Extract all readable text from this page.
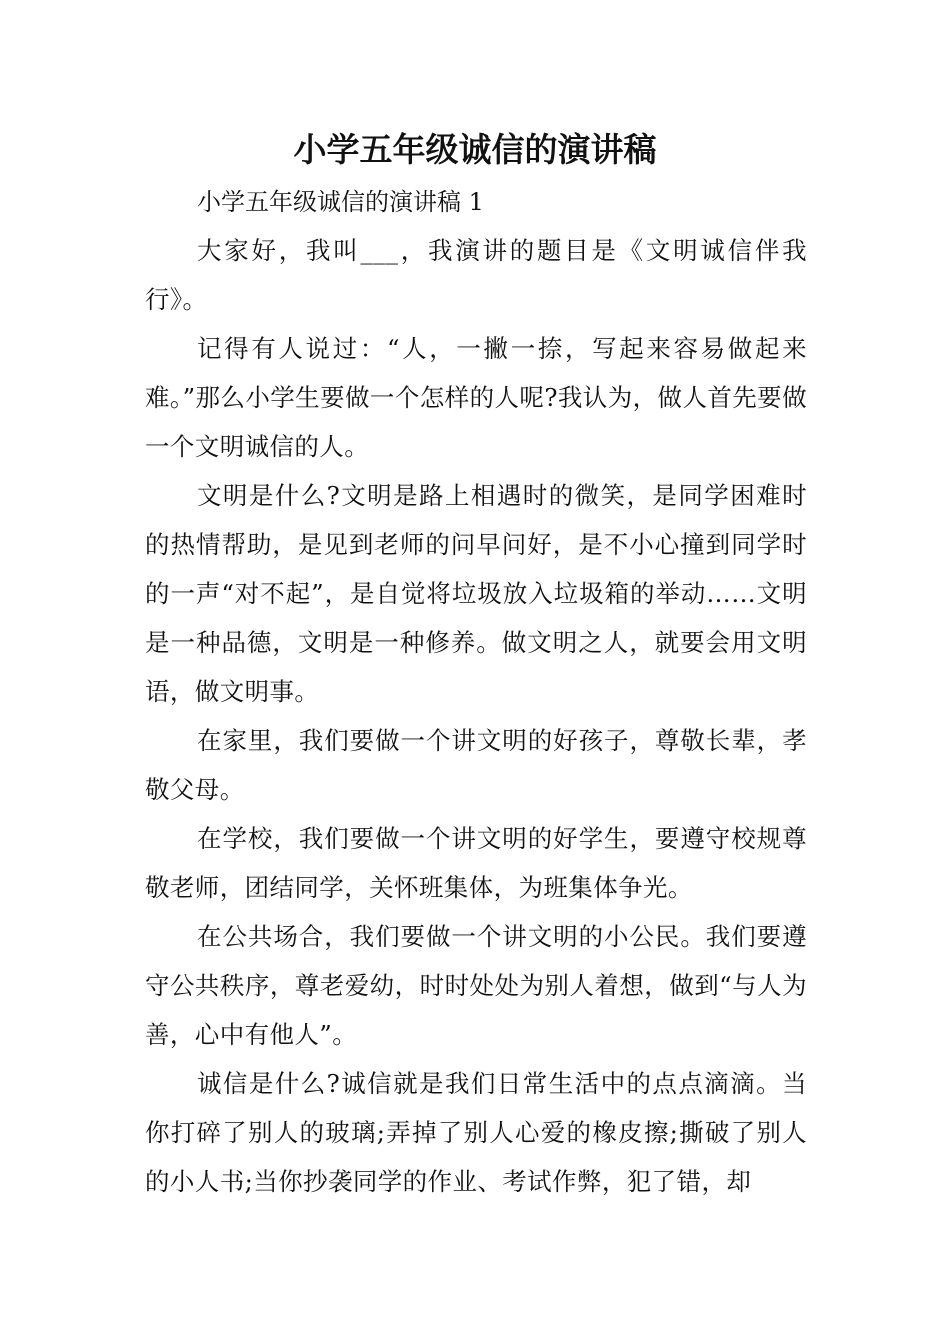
小学五年级诚信的演讲稿

小学五年级诚信的演讲稿 1

大家好，我叫___，我演讲的题目是《文明诚信伴我行》。

记得有人说过：“人，一撇一捺，写起来容易做起来难。”那么小学生要做一个怎样的人呢?我认为，做人首先要做一个文明诚信的人。

文明是什么?文明是路上相遇时的微笑，是同学困难时的热情帮助，是见到老师的问早问好，是不小心撞到同学时的一声“对不起”，是自觉将垃圾放入垃圾箱的举动……文明是一种品德，文明是一种修养。做文明之人，就要会用文明语，做文明事。

在家里，我们要做一个讲文明的好孩子，尊敬长辈，孝敬父母。

在学校，我们要做一个讲文明的好学生，要遵守校规尊敬老师，团结同学，关怀班集体，为班集体争光。

在公共场合，我们要做一个讲文明的小公民。我们要遵守公共秩序，尊老爱幼，时时处处为别人着想，做到“与人为善，心中有他人”。

诚信是什么?诚信就是我们日常生活中的点点滴滴。当你打碎了别人的玻璃;弄掉了别人心爱的橡皮擦;撕破了别人的小人书;当你抄袭同学的作业、考试作弊，犯了错，却
